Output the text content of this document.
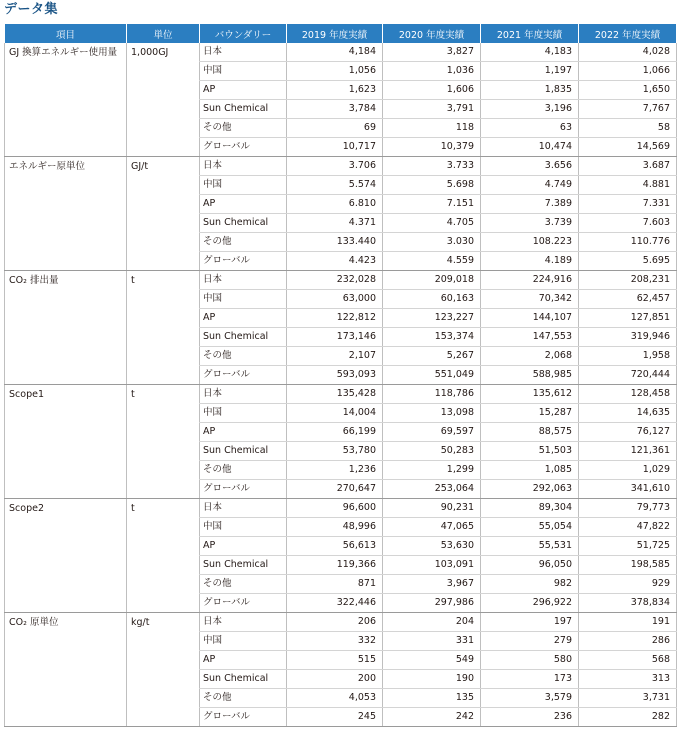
データ集
項目	単位	バウンダリー	2019 年度実績	2020 年度実績	2021 年度実績	2022 年度実績
GJ 換算エネルギー使用量	1,000GJ	日本	4,184	3,827	4,183	4,028
		中国	1,056	1,036	1,197	1,066
		AP	1,623	1,606	1,835	1,650
		Sun Chemical	3,784	3,791	3,196	7,767
		その他	69	118	63	58
		グローバル	10,717	10,379	10,474	14,569
エネルギー原単位	GJ/t	日本	3.706	3.733	3.656	3.687
		中国	5.574	5.698	4.749	4.881
		AP	6.810	7.151	7.389	7.331
		Sun Chemical	4.371	4.705	3.739	7.603
		その他	133.440	3.030	108.223	110.776
		グローバル	4.423	4.559	4.189	5.695
CO₂ 排出量	t	日本	232,028	209,018	224,916	208,231
		中国	63,000	60,163	70,342	62,457
		AP	122,812	123,227	144,107	127,851
		Sun Chemical	173,146	153,374	147,553	319,946
		その他	2,107	5,267	2,068	1,958
		グローバル	593,093	551,049	588,985	720,444
Scope1	t	日本	135,428	118,786	135,612	128,458
		中国	14,004	13,098	15,287	14,635
		AP	66,199	69,597	88,575	76,127
		Sun Chemical	53,780	50,283	51,503	121,361
		その他	1,236	1,299	1,085	1,029
		グローバル	270,647	253,064	292,063	341,610
Scope2	t	日本	96,600	90,231	89,304	79,773
		中国	48,996	47,065	55,054	47,822
		AP	56,613	53,630	55,531	51,725
		Sun Chemical	119,366	103,091	96,050	198,585
		その他	871	3,967	982	929
		グローバル	322,446	297,986	296,922	378,834
CO₂ 原単位	kg/t	日本	206	204	197	191
		中国	332	331	279	286
		AP	515	549	580	568
		Sun Chemical	200	190	173	313
		その他	4,053	135	3,579	3,731
		グローバル	245	242	236	282
